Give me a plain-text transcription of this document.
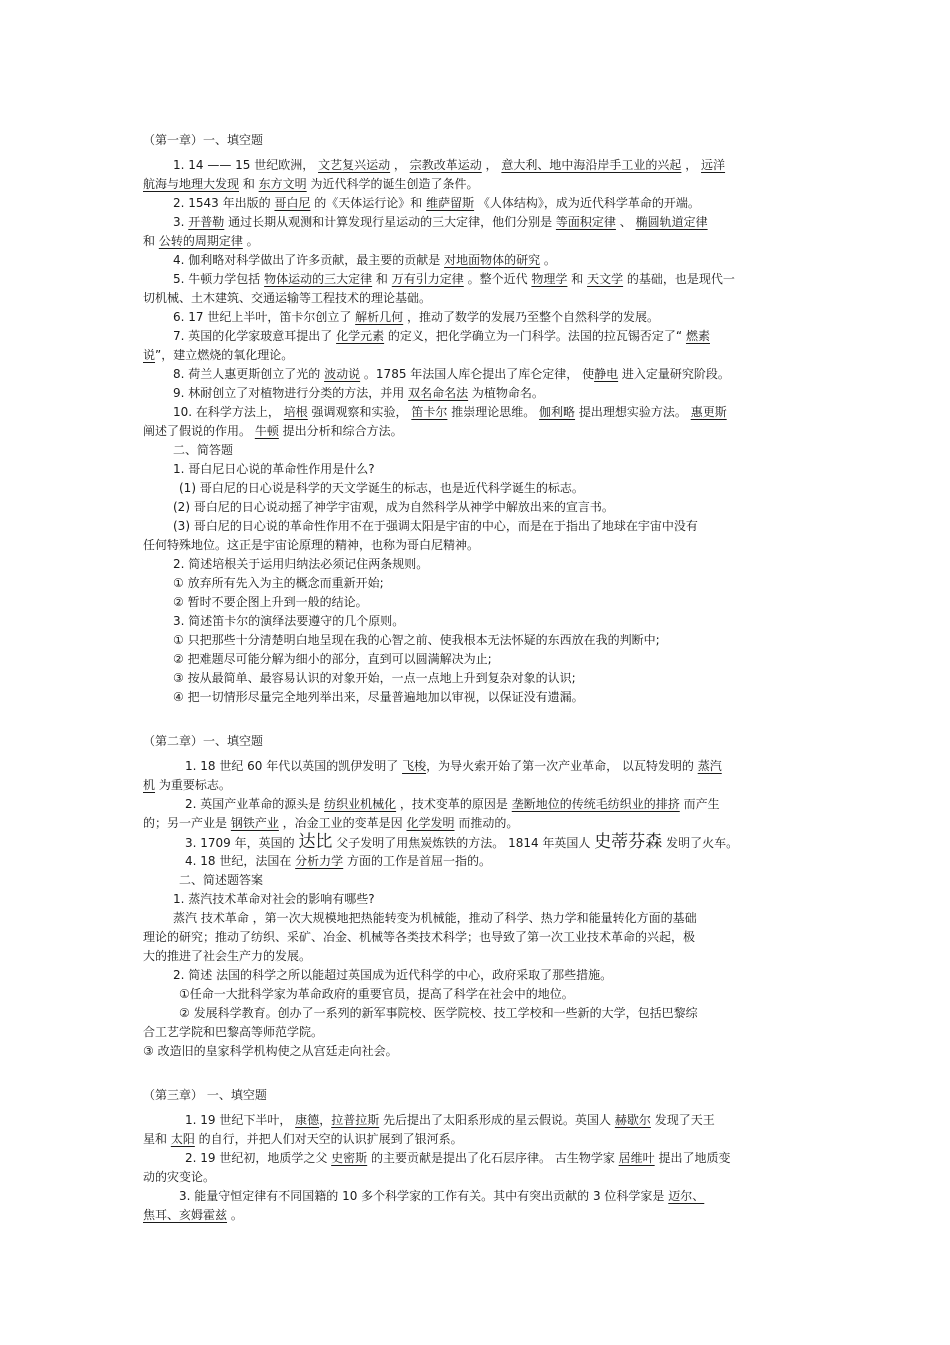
（第一章）一、填空题
1. 14 —— 15 世纪欧洲， 文艺复兴运动 ， 宗教改革运动 ， 意大利、地中海沿岸手工业的兴起 ， 远洋
航海与地理大发现 和 东方文明 为近代科学的诞生创造了条件。
2. 1543 年出版的 哥白尼 的《天体运行论》和 维萨留斯 《人体结构》，成为近代科学革命的开端。
3. 开普勒 通过长期从观测和计算发现行星运动的三大定律，他们分别是 等面积定律 、 椭圆轨道定律
和 公转的周期定律 。
4. 伽利略对科学做出了许多贡献，最主要的贡献是 对地面物体的研究 。
5. 牛顿力学包括 物体运动的三大定律 和 万有引力定律 。整个近代 物理学 和 天文学 的基础，也是现代一
切机械、土木建筑、交通运输等工程技术的理论基础。
6. 17 世纪上半叶，笛卡尔创立了 解析几何 ，推动了数学的发展乃至整个自然科学的发展。
7. 英国的化学家玻意耳提出了 化学元素 的定义，把化学确立为一门科学。法国的拉瓦锡否定了“ 燃素
说”，建立燃烧的氧化理论。
8. 荷兰人惠更斯创立了光的 波动说 。1785 年法国人库仑提出了库仑定律， 使静电 进入定量研究阶段。
9. 林耐创立了对植物进行分类的方法，并用 双名命名法 为植物命名。
10. 在科学方法上， 培根 强调观察和实验， 笛卡尔 推崇理论思维。 伽利略 提出理想实验方法。 惠更斯
阐述了假说的作用。 牛顿 提出分析和综合方法。
二、简答题
1. 哥白尼日心说的革命性作用是什么?
(1) 哥白尼的日心说是科学的天文学诞生的标志，也是近代科学诞生的标志。
(2) 哥白尼的日心说动摇了神学宇宙观，成为自然科学从神学中解放出来的宣言书。
(3) 哥白尼的日心说的革命性作用不在于强调太阳是宇宙的中心，而是在于指出了地球在宇宙中没有
任何特殊地位。这正是宇宙论原理的精神，也称为哥白尼精神。
2. 简述培根关于运用归纳法必须记住两条规则。
① 放弃所有先入为主的概念而重新开始;
② 暂时不要企图上升到一般的结论。
3. 简述笛卡尔的演绎法要遵守的几个原则。
① 只把那些十分清楚明白地呈现在我的心智之前、使我根本无法怀疑的东西放在我的判断中;
② 把难题尽可能分解为细小的部分，直到可以圆满解决为止;
③ 按从最简单、最容易认识的对象开始，一点一点地上升到复杂对象的认识;
④ 把一切情形尽量完全地列举出来，尽量普遍地加以审视，以保证没有遗漏。
（第二章）一、填空题
1. 18 世纪 60 年代以英国的凯伊发明了 飞梭，为导火索开始了第一次产业革命， 以瓦特发明的 蒸汽
机 为重要标志。
2. 英国产业革命的源头是 纺织业机械化 ，技术变革的原因是 垄断地位的传统毛纺织业的排挤 而产生
的；另一产业是 钢铁产业 ，冶金工业的变革是因 化学发明 而推动的。
3. 1709 年，英国的 达比 父子发明了用焦炭炼铁的方法。 1814 年英国人 史蒂芬森 发明了火车。
4. 18 世纪，法国在 分析力学 方面的工作是首屈一指的。
二、简述题答案
1. 蒸汽技术革命对社会的影响有哪些?
蒸汽 技术革命 ，第一次大规模地把热能转变为机械能，推动了科学、热力学和能量转化方面的基础
理论的研究；推动了纺织、采矿、冶金、机械等各类技术科学；也导致了第一次工业技术革命的兴起，极
大的推进了社会生产力的发展。
2. 简述 法国的科学之所以能超过英国成为近代科学的中心，政府采取了那些措施。
①任命一大批科学家为革命政府的重要官员，提高了科学在社会中的地位。
② 发展科学教育。创办了一系列的新军事院校、医学院校、技工学校和一些新的大学，包括巴黎综
合工艺学院和巴黎高等师范学院。
③ 改造旧的皇家科学机构使之从宫廷走向社会。
（第三章） 一、填空题
1. 19 世纪下半叶， 康德，拉普拉斯 先后提出了太阳系形成的星云假说。英国人 赫歇尔 发现了天王
星和 太阳 的自行，并把人们对天空的认识扩展到了银河系。
2. 19 世纪初，地质学之父 史密斯 的主要贡献是提出了化石层序律。 古生物学家 居维叶 提出了地质变
动的灾变论。
3. 能量守恒定律有不同国籍的 10 多个科学家的工作有关。其中有突出贡献的 3 位科学家是 迈尔、
焦耳、亥姆霍兹 。
